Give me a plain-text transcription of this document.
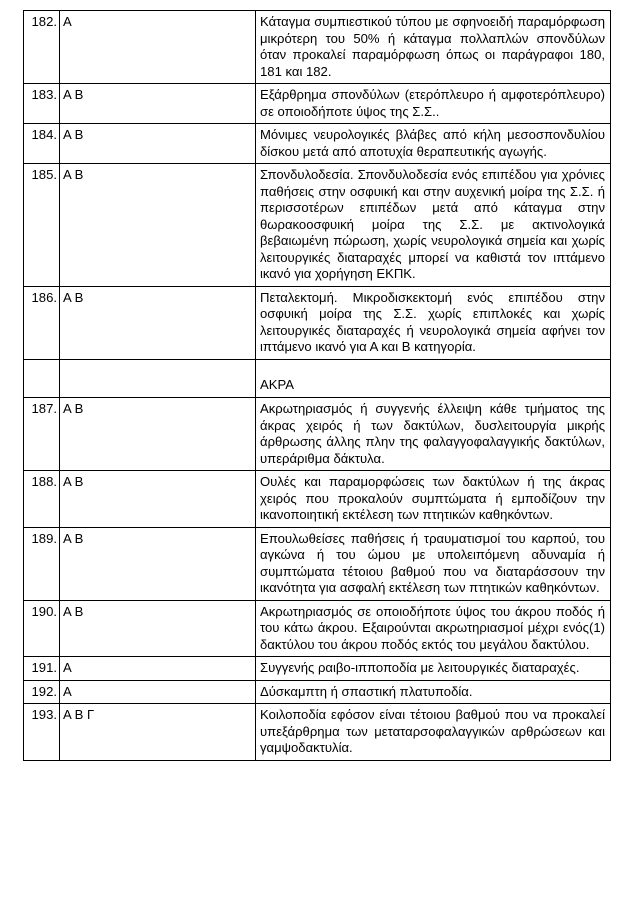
182.	Α	Κάταγμα συμπιεστικού τύπου με σφηνοειδή παραμόρφωση μικρότερη του 50% ή κάταγμα πολλαπλών σπονδύλων όταν προκαλεί παραμόρφωση όπως οι παράγραφοι 180, 181 και 182.
183.	Α Β	Εξάρθρημα σπονδύλων (ετερόπλευρο ή αμφοτερόπλευρο) σε οποιοδήποτε ύψος της Σ.Σ..
184.	Α Β	Μόνιμες νευρολογικές βλάβες από κήλη μεσοσπονδυλίου δίσκου μετά από αποτυχία θεραπευτικής αγωγής.
185.	Α Β	Σπονδυλοδεσία. Σπονδυλοδεσία ενός επιπέδου για χρόνιες παθήσεις στην οσφυική και στην αυχενική μοίρα της Σ.Σ. ή περισσοτέρων επιπέδων μετά από κάταγμα στην θωρακοοσφυική μοίρα της Σ.Σ. με ακτινολογικά βεβαιωμένη πώρωση, χωρίς νευρολογικά σημεία και χωρίς λειτουργικές διαταραχές μπορεί να καθιστά τον ιπτάμενο ικανό για χορήγηση ΕΚΠΚ.
186.	Α Β	Πεταλεκτομή. Μικροδισκεκτομή ενός επιπέδου στην οσφυική μοίρα της Σ.Σ. χωρίς επιπλοκές και χωρίς λειτουργικές διαταραχές ή νευρολογικά σημεία αφήνει τον ιπτάμενο ικανό για Α και Β κατηγορία.
		ΑΚΡΑ
187.	Α Β	Ακρωτηριασμός ή συγγενής έλλειψη κάθε τμήματος της άκρας χειρός ή των δακτύλων, δυσλειτουργία μικρής άρθρωσης άλλης πλην της φαλαγγοφαλαγγικής δακτύλων, υπεράριθμα δάκτυλα.
188.	Α Β	Ουλές και παραμορφώσεις των δακτύλων ή της άκρας χειρός που προκαλούν συμπτώματα ή εμποδίζουν την ικανοποιητική εκτέλεση των πτητικών καθηκόντων.
189.	Α Β	Επουλωθείσες παθήσεις ή τραυματισμοί του καρπού, του αγκώνα ή του ώμου με υπολειπόμενη αδυναμία ή συμπτώματα τέτοιου βαθμού που να διαταράσσουν την ικανότητα για ασφαλή εκτέλεση των πτητικών καθηκόντων.
190.	Α Β	Ακρωτηριασμός σε οποιοδήποτε ύψος του άκρου ποδός ή του κάτω άκρου. Εξαιρούνται ακρωτηριασμοί μέχρι ενός(1) δακτύλου του άκρου ποδός εκτός του μεγάλου δακτύλου.
191.	Α	Συγγενής ραιβο-ιπποποδία με λειτουργικές διαταραχές.
192.	Α	Δύσκαμπτη ή σπαστική πλατυποδία.
193.	Α Β Γ	Κοιλοποδία εφόσον είναι τέτοιου βαθμού που να προκαλεί υπεξάρθρημα των μεταταρσοφαλαγγικών αρθρώσεων και γαμψοδακτυλία.
